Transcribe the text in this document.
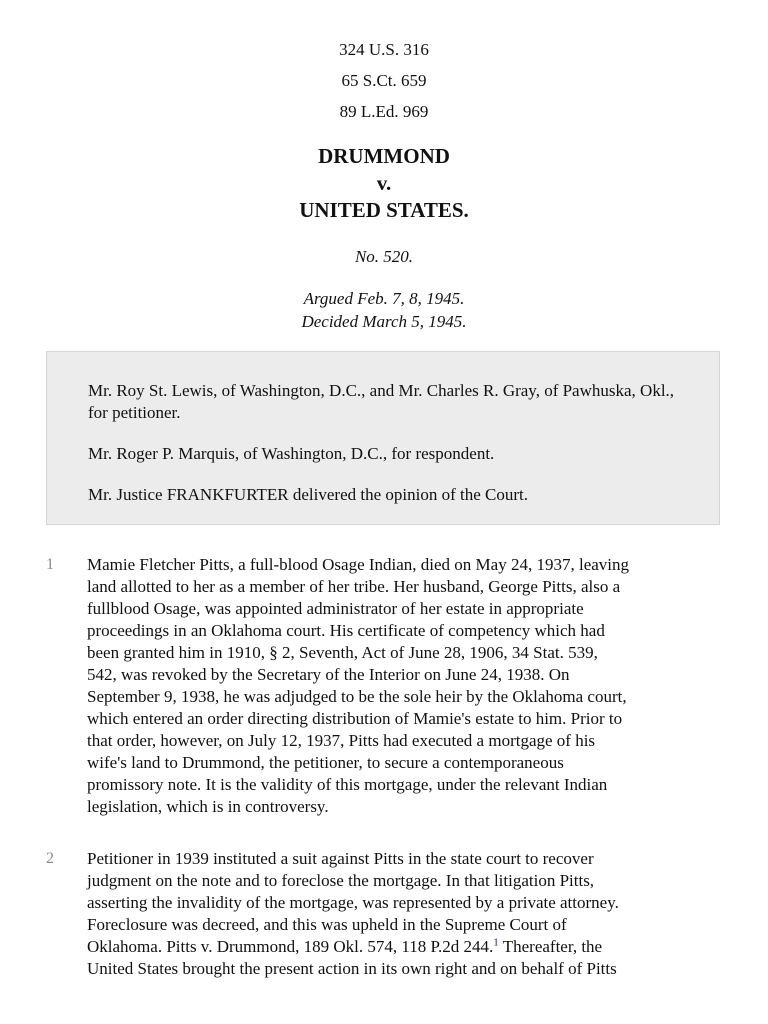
324 U.S. 316
65 S.Ct. 659
89 L.Ed. 969
DRUMMOND
v.
UNITED STATES.
No. 520.
Argued Feb. 7, 8, 1945.
Decided March 5, 1945.

Mr. Roy St. Lewis, of Washington, D.C., and Mr. Charles R. Gray, of Pawhuska, Okl., for petitioner.

Mr. Roger P. Marquis, of Washington, D.C., for respondent.

Mr. Justice FRANKFURTER delivered the opinion of the Court.

1 Mamie Fletcher Pitts, a full-blood Osage Indian, died on May 24, 1937, leaving
land allotted to her as a member of her tribe. Her husband, George Pitts, also a
fullblood Osage, was appointed administrator of her estate in appropriate
proceedings in an Oklahoma court. His certificate of competency which had
been granted him in 1910, § 2, Seventh, Act of June 28, 1906, 34 Stat. 539,
542, was revoked by the Secretary of the Interior on June 24, 1938. On
September 9, 1938, he was adjudged to be the sole heir by the Oklahoma court,
which entered an order directing distribution of Mamie's estate to him. Prior to
that order, however, on July 12, 1937, Pitts had executed a mortgage of his
wife's land to Drummond, the petitioner, to secure a contemporaneous
promissory note. It is the validity of this mortgage, under the relevant Indian
legislation, which is in controversy.

2 Petitioner in 1939 instituted a suit against Pitts in the state court to recover
judgment on the note and to foreclose the mortgage. In that litigation Pitts,
asserting the invalidity of the mortgage, was represented by a private attorney.
Foreclosure was decreed, and this was upheld in the Supreme Court of
Oklahoma. Pitts v. Drummond, 189 Okl. 574, 118 P.2d 244.$^1$ Thereafter, the
United States brought the present action in its own right and on behalf of Pitts
